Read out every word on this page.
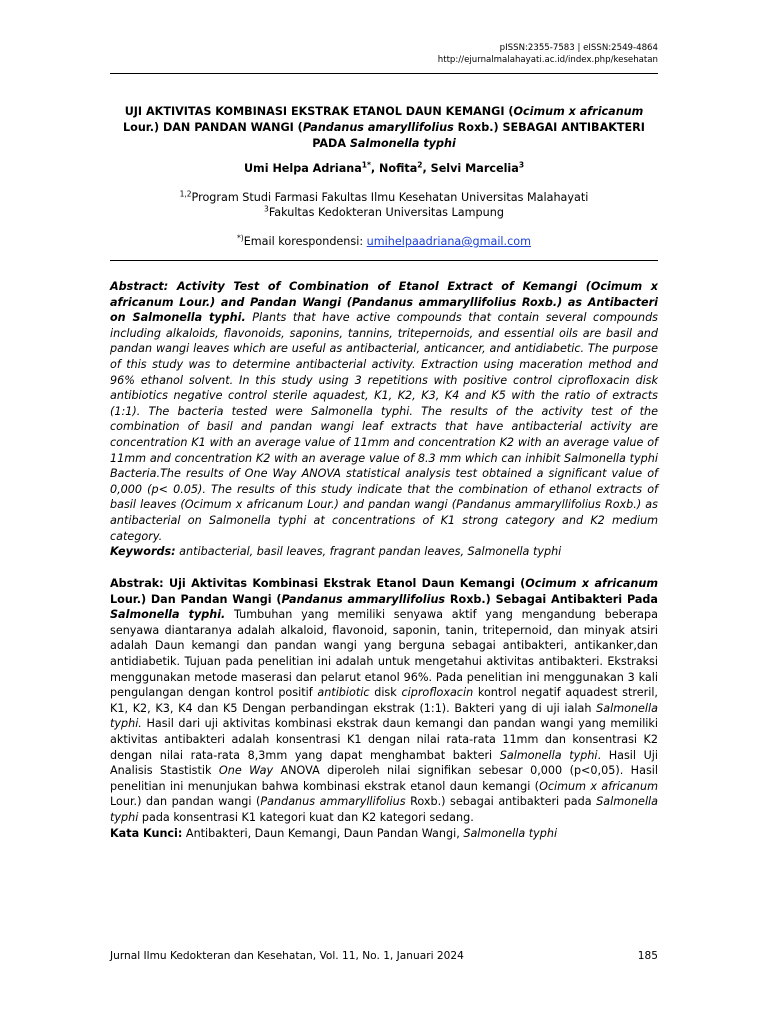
pISSN:2355-7583 | eISSN:2549-4864
http://ejurnalmalahayati.ac.id/index.php/kesehatan
UJI AKTIVITAS KOMBINASI EKSTRAK ETANOL DAUN KEMANGI (Ocimum x africanum Lour.) DAN PANDAN WANGI (Pandanus amaryllifolius Roxb.) SEBAGAI ANTIBAKTERI PADA Salmonella typhi
Umi Helpa Adriana$^{1*}$, Nofita$^2$, Selvi Marcelia$^3$
$^{1,2}$Program Studi Farmasi Fakultas Ilmu Kesehatan Universitas Malahayati
$^3$Fakultas Kedokteran Universitas Lampung
*)Email korespondensi: umihelpaadriana@gmail.com

Abstract: Activity Test of Combination of Etanol Extract of Kemangi (Ocimum x africanum Lour.) and Pandan Wangi (Pandanus ammaryllifolius Roxb.) as Antibacteri on Salmonella typhi. Plants that have active compounds that contain several compounds including alkaloids, flavonoids, saponins, tannins, tritepernoids, and essential oils are basil and pandan wangi leaves which are useful as antibacterial, anticancer, and antidiabetic. The purpose of this study was to determine antibacterial activity. Extraction using maceration method and 96% ethanol solvent. In this study using 3 repetitions with positive control ciprofloxacin disk antibiotics negative control sterile aquadest, K1, K2, K3, K4 and K5 with the ratio of extracts (1:1). The bacteria tested were Salmonella typhi. The results of the activity test of the combination of basil and pandan wangi leaf extracts that have antibacterial activity are concentration K1 with an average value of 11mm and concentration K2 with an average value of 11mm and concentration K2 with an average value of 8.3 mm which can inhibit Salmonella typhi Bacteria.The results of One Way ANOVA statistical analysis test obtained a significant value of 0,000 (p< 0.05). The results of this study indicate that the combination of ethanol extracts of basil leaves (Ocimum x africanum Lour.) and pandan wangi (Pandanus ammaryllifolius Roxb.) as antibacterial on Salmonella typhi at concentrations of K1 strong category and K2 medium category.

Keywords: antibacterial, basil leaves, fragrant pandan leaves, Salmonella typhi

Abstrak: Uji Aktivitas Kombinasi Ekstrak Etanol Daun Kemangi (Ocimum x africanum Lour.) Dan Pandan Wangi (Pandanus ammaryllifolius Roxb.) Sebagai Antibakteri Pada Salmonella typhi. Tumbuhan yang memiliki senyawa aktif yang mengandung beberapa senyawa diantaranya adalah alkaloid, flavonoid, saponin, tanin, tritepernoid, dan minyak atsiri adalah Daun kemangi dan pandan wangi yang berguna sebagai antibakteri, antikanker,dan antidiabetik. Tujuan pada penelitian ini adalah untuk mengetahui aktivitas antibakteri. Ekstraksi menggunakan metode maserasi dan pelarut etanol 96%. Pada penelitian ini menggunakan 3 kali pengulangan dengan kontrol positif antibiotic disk ciprofloxacin kontrol negatif aquadest streril, K1, K2, K3, K4 dan K5 Dengan perbandingan ekstrak (1:1). Bakteri yang di uji ialah Salmonella typhi. Hasil dari uji aktivitas kombinasi ekstrak daun kemangi dan pandan wangi yang memiliki aktivitas antibakteri adalah konsentrasi K1 dengan nilai rata-rata 11mm dan konsentrasi K2 dengan nilai rata-rata 8,3mm yang dapat menghambat bakteri Salmonella typhi. Hasil Uji Analisis Stastistik One Way ANOVA diperoleh nilai signifikan sebesar 0,000 (p<0,05). Hasil penelitian ini menunjukan bahwa kombinasi ekstrak etanol daun kemangi (Ocimum x africanum Lour.) dan pandan wangi (Pandanus ammaryllifolius Roxb.) sebagai antibakteri pada Salmonella typhi pada konsentrasi K1 kategori kuat dan K2 kategori sedang.

Kata Kunci: Antibakteri, Daun Kemangi, Daun Pandan Wangi, Salmonella typhi

Jurnal Ilmu Kedokteran dan Kesehatan, Vol. 11, No. 1, Januari 2024	185
